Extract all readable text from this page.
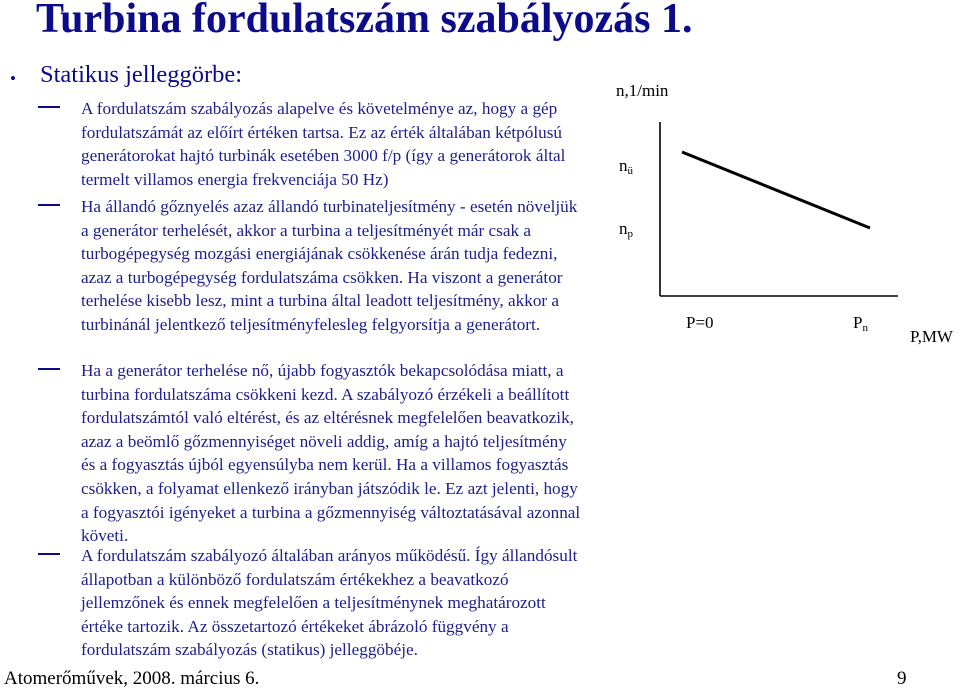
Turbina fordulatszám szabályozás 1.
• Statikus jelleggörbe:

A fordulatszám szabályozás alapelve és követelménye az, hogy a gép fordulatszámát az előírt értéken tartsa. Ez az érték általában kétpólusú generátorokat hajtó turbinák esetében 3000 f/p (így a generátorok által termelt villamos energia frekvenciája 50 Hz)

Ha állandó gőznyelés azaz állandó turbinateljesítmény - esetén növeljük a generátor terhelését, akkor a turbina a teljesítményét már csak a turbogépegység mozgási energiájának csökkenése árán tudja fedezni, azaz a turbogépegység fordulatszáma csökken. Ha viszont a generátor terhelése kisebb lesz, mint a turbina által leadott teljesítmény, akkor a turbinánál jelentkező teljesítményfelesleg felgyorsítja a generátort.

Ha a generátor terhelése nő, újabb fogyasztók bekapcsolódása miatt, a turbina fordulatszáma csökkeni kezd. A szabályozó érzékeli a beállított fordulatszámtól való eltérést, és az eltérésnek megfelelően beavatkozik, azaz a beömlő gőzmennyiséget növeli addig, amíg a hajtó teljesítmény és a fogyasztás újból egyensúlyba nem kerül. Ha a villamos fogyasztás csökken, a folyamat ellenkező irányban játszódik le. Ez azt jelenti, hogy a fogyasztói igényeket a turbina a gőzmennyiség változtatásával azonnal követi.

A fordulatszám szabályozó általában arányos működésű. Így állandósult állapotban a különböző fordulatszám értékekhez a beavatkozó jellemzőnek és ennek megfelelően a teljesítménynek meghatározott értéke tartozik. Az összetartozó értékeket ábrázoló függvény a fordulatszám szabályozás (statikus) jelleggöbéje.

n,1/min
P,MW
nü
np
P=0	Pn
Atomerőművek, 2008. március 6.	9
